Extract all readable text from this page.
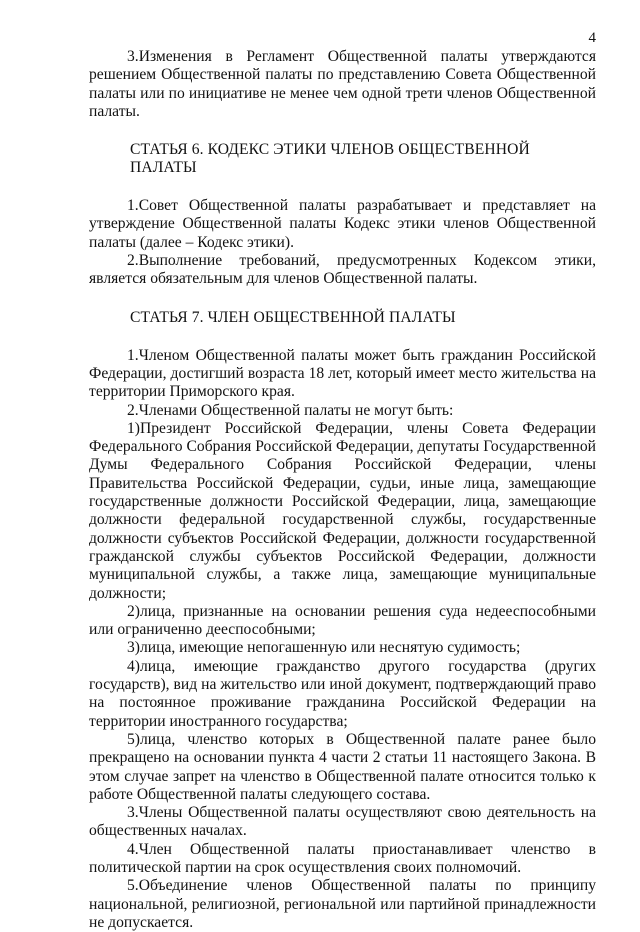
4

3.Изменения в Регламент Общественной палаты утверждаются решением Общественной палаты по представлению Совета Общественной палаты или по инициативе не менее чем одной трети членов Общественной палаты.

СТАТЬЯ 6. КОДЕКС ЭТИКИ ЧЛЕНОВ ОБЩЕСТВЕННОЙ ПАЛАТЫ

1.Совет Общественной палаты разрабатывает и представляет на утверждение Общественной палаты Кодекс этики членов Общественной палаты (далее – Кодекс этики).

2.Выполнение требований, предусмотренных Кодексом этики, является обязательным для членов Общественной палаты.

СТАТЬЯ 7. ЧЛЕН ОБЩЕСТВЕННОЙ ПАЛАТЫ

1.Членом Общественной палаты может быть гражданин Российской Федерации, достигший возраста 18 лет, который имеет место жительства на территории Приморского края.

2.Членами Общественной палаты не могут быть:

1)Президент Российской Федерации, члены Совета Федерации Федерального Собрания Российской Федерации, депутаты Государственной Думы Федерального Собрания Российской Федерации, члены Правительства Российской Федерации, судьи, иные лица, замещающие государственные должности Российской Федерации, лица, замещающие должности федеральной государственной службы, государственные должности субъектов Российской Федерации, должности государственной гражданской службы субъектов Российской Федерации, должности муниципальной службы, а также лица, замещающие муниципальные должности;

2)лица, признанные на основании решения суда недееспособными или ограниченно дееспособными;

3)лица, имеющие непогашенную или неснятую судимость;

4)лица, имеющие гражданство другого государства (других государств), вид на жительство или иной документ, подтверждающий право на постоянное проживание гражданина Российской Федерации на территории иностранного государства;

5)лица, членство которых в Общественной палате ранее было прекращено на основании пункта 4 части 2 статьи 11 настоящего Закона. В этом случае запрет на членство в Общественной палате относится только к работе Общественной палаты следующего состава.

3.Члены Общественной палаты осуществляют свою деятельность на общественных началах.

4.Член Общественной палаты приостанавливает членство в политической партии на срок осуществления своих полномочий.

5.Объединение членов Общественной палаты по принципу национальной, религиозной, региональной или партийной принадлежности не допускается.
